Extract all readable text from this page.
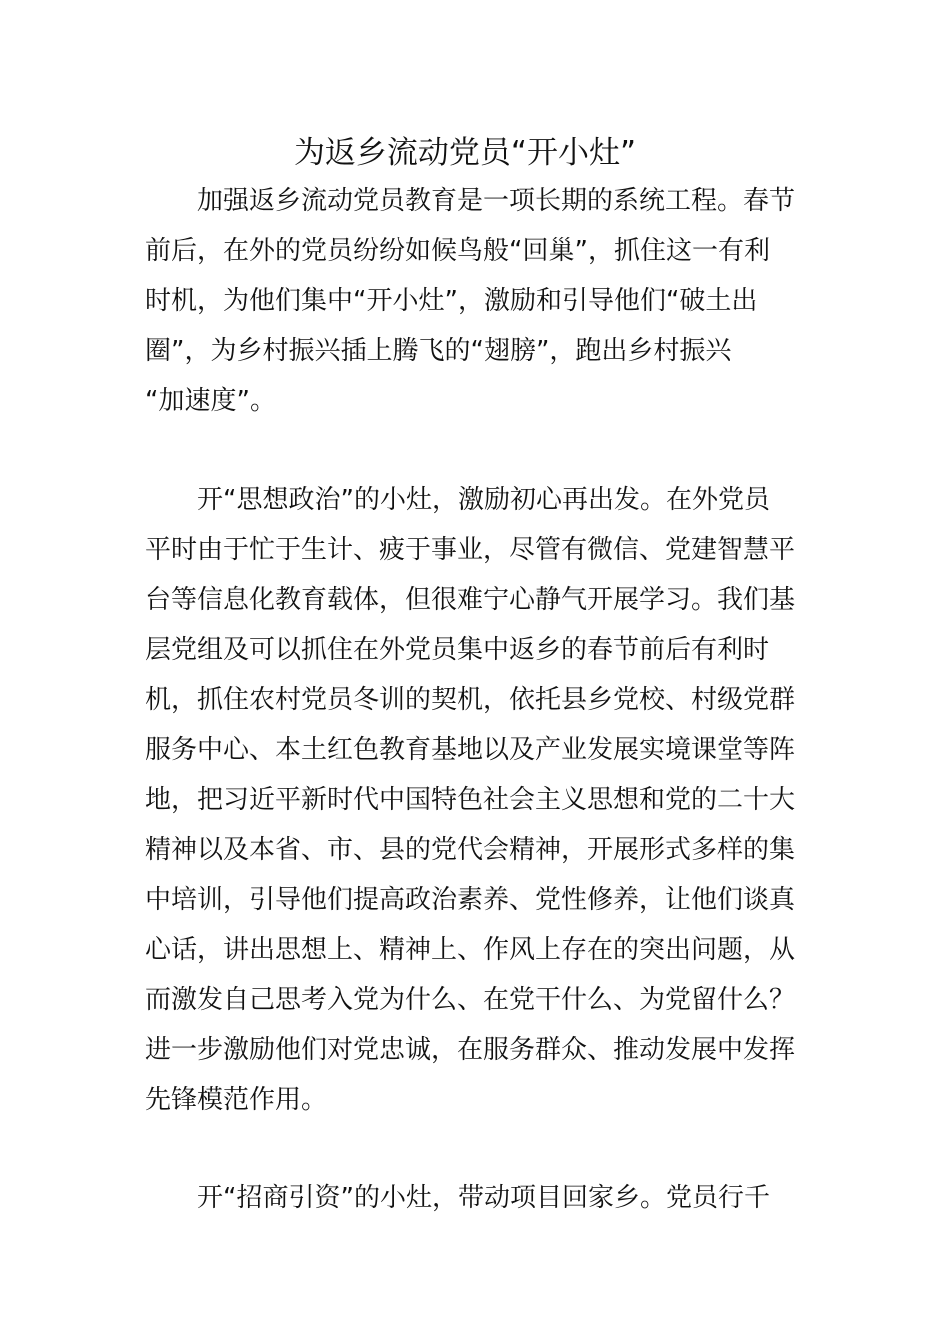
为返乡流动党员“开小灶”
加强返乡流动党员教育是一项长期的系统工程。春节
前后，在外的党员纷纷如候鸟般“回巢”，抓住这一有利
时机，为他们集中“开小灶”，激励和引导他们“破土出
圈”，为乡村振兴插上腾飞的“翅膀”，跑出乡村振兴
“加速度”。
开“思想政治”的小灶，激励初心再出发。在外党员
平时由于忙于生计、疲于事业，尽管有微信、党建智慧平
台等信息化教育载体，但很难宁心静气开展学习。我们基
层党组及可以抓住在外党员集中返乡的春节前后有利时
机，抓住农村党员冬训的契机，依托县乡党校、村级党群
服务中心、本土红色教育基地以及产业发展实境课堂等阵
地，把习近平新时代中国特色社会主义思想和党的二十大
精神以及本省、市、县的党代会精神，开展形式多样的集
中培训，引导他们提高政治素养、党性修养，让他们谈真
心话，讲出思想上、精神上、作风上存在的突出问题，从
而激发自己思考入党为什么、在党干什么、为党留什么？
进一步激励他们对党忠诚，在服务群众、推动发展中发挥
先锋模范作用。
开“招商引资”的小灶，带动项目回家乡。党员行千
